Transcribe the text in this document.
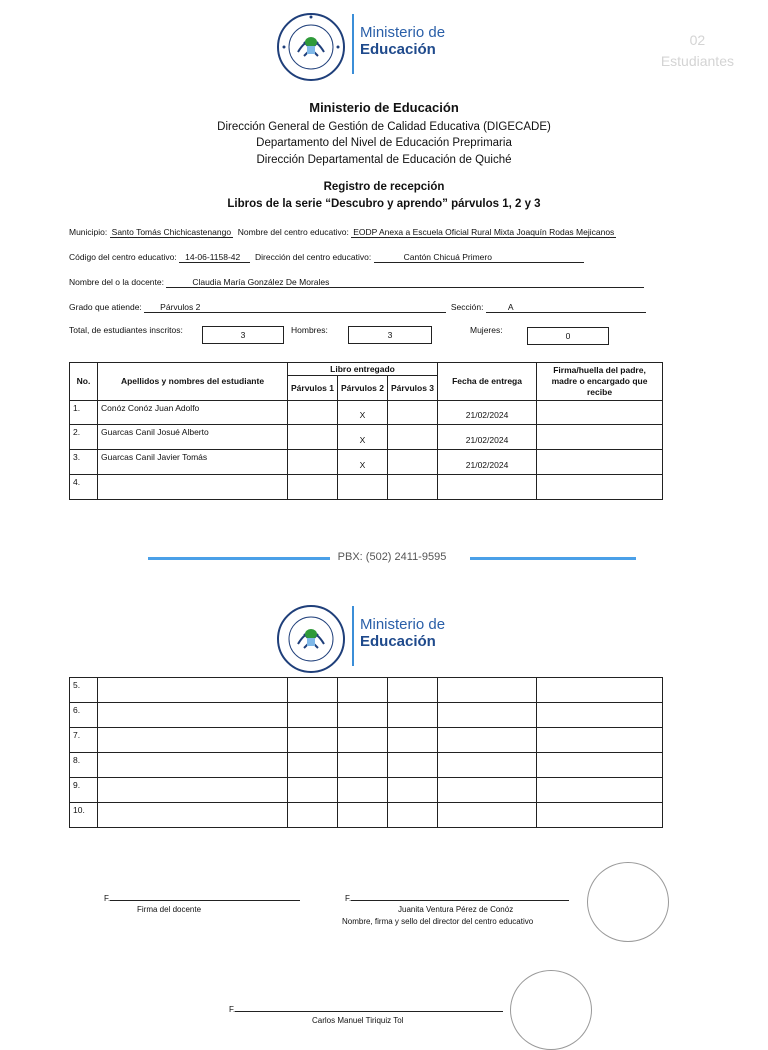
Ministerio de
Educación
02
Estudiantes
Ministerio de Educación
Dirección General de Gestión de Calidad Educativa (DIGECADE)
Departamento del Nivel de Educación Preprimaria
Dirección Departamental de Educación de Quiché
Registro de recepción
Libros de la serie “Descubro y aprendo” párvulos 1, 2 y 3
Municipio: Santo Tomás Chichicastenango Nombre del centro educativo: EODP Anexa a Escuela Oficial Rural Mixta Joaquín Rodas Mejicanos
Código del centro educativo: 14-06-1158-42 Dirección del centro educativo:	Cantón Chicuá Primero
Nombre del o la docente:	Claudia María González De Morales
Grado que atiende: Párvulos 2	Sección:	A
Total, de estudiantes inscritos:	3	Hombres:	3	Mujeres:
0
No.	Apellidos y nombres del estudiante	Libro entregado			Fecha de entrega	Firma/huella del padre, madre o encargado que recibe
		Párvulos 1	Párvulos 2	Párvulos 3		
1.	Conóz Conóz Juan Adolfo		X		21/02/2024	
2.	Guarcas Canil Josué Alberto		X		21/02/2024	
3.	Guarcas Canil Javier Tomás		X		21/02/2024	
4.						
PBX: (502) 2411-9595
Ministerio de
Educación
5.						
6.						
7.						
8.						
9.						
10.						
F.
Firma del docente
F.
Juanita Ventura Pérez de Conóz
Nombre, firma y sello del director del centro educativo
F.
Carlos Manuel Tiriquiz Tol
